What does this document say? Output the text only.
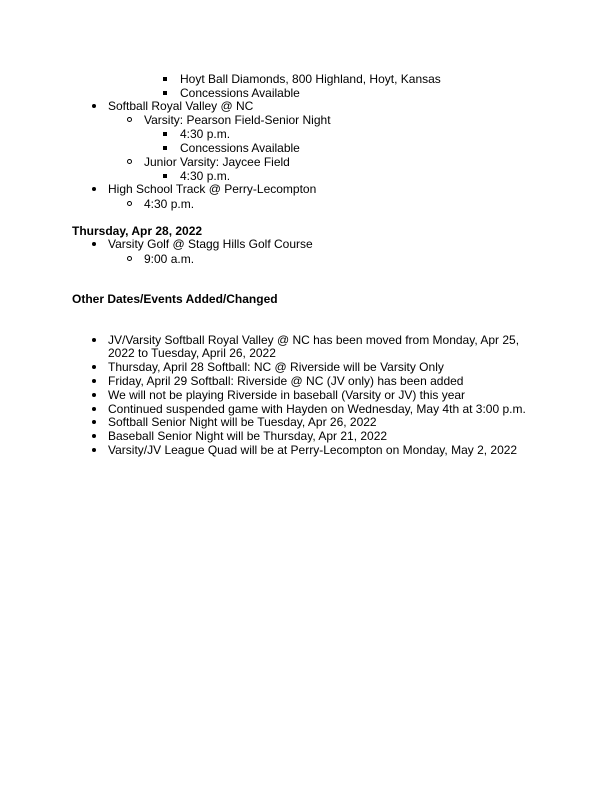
Hoyt Ball Diamonds, 800 Highland, Hoyt, Kansas
Concessions Available
Softball Royal Valley @ NC
Varsity: Pearson Field-Senior Night
4:30 p.m.
Concessions Available
Junior Varsity: Jaycee Field
4:30 p.m.
High School Track @ Perry-Lecompton
4:30 p.m.
Thursday, Apr 28, 2022
Varsity Golf @ Stagg Hills Golf Course
9:00 a.m.
Other Dates/Events Added/Changed
JV/Varsity Softball Royal Valley @ NC has been moved from Monday, Apr 25,
2022 to Tuesday, April 26, 2022
Thursday, April 28 Softball: NC @ Riverside will be Varsity Only
Friday, April 29 Softball: Riverside @ NC (JV only) has been added
We will not be playing Riverside in baseball (Varsity or JV) this year
Continued suspended game with Hayden on Wednesday, May 4th at 3:00 p.m.
Softball Senior Night will be Tuesday, Apr 26, 2022
Baseball Senior Night will be Thursday, Apr 21, 2022
Varsity/JV League Quad will be at Perry-Lecompton on Monday, May 2, 2022
